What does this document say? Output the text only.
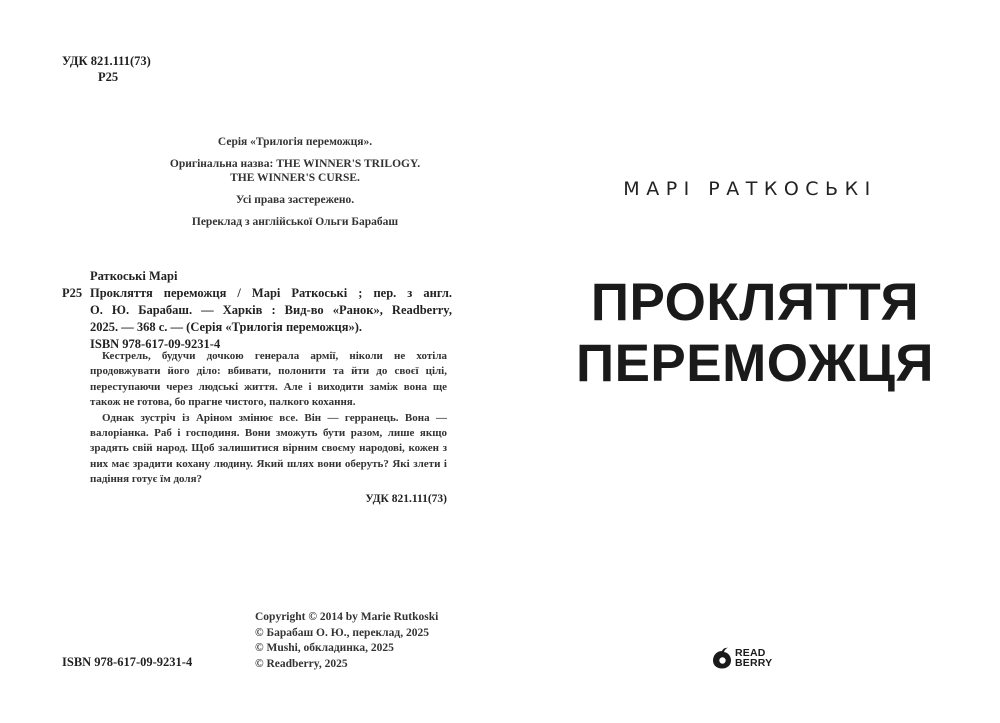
УДК 821.111(73)
Р25

Серія «Трилогія переможця».

Оригінальна назва: THE WINNER'S TRILOGY.

THE WINNER'S CURSE.

Усі права застережено.

Переклад з англійської Ольги Барабаш

Раткоські Марі
Р25 Прокляття переможця / Марі Раткоські ; пер. з англ.
О. Ю. Барабаш. — Харків : Вид-во «Ранок», Readberry,
2025. — 368 с. — (Серія «Трилогія переможця»).
ISBN 978-617-09-9231-4

Кестрель, будучи дочкою генерала армії, ніколи не хотіла продовжувати його діло: вбивати, полонити та йти до своєї цілі, переступаючи через людські життя. Але і виходити заміж вона ще також не готова, бо прагне чистого, палкого кохання.

Однак зустріч із Аріном змінює все. Він — герранець. Вона — валоріанка. Раб і господиня. Вони зможуть бути разом, лише якщо зрадять свій народ. Щоб залишитися вірним своєму народові, кожен з них має зрадити кохану людину. Який шлях вони оберуть? Які злети і падіння готує їм доля?

УДК 821.111(73)
Copyright © 2014 by Marie Rutkoski
© Барабаш О. Ю., переклад, 2025
© Mushi, обкладинка, 2025
© Readberry, 2025
ISBN 978-617-09-9231-4
МАРІ РАТКОСЬКІ
ПРОКЛЯТТЯ
ПЕРЕМОЖЦЯ
READ
BERRY
